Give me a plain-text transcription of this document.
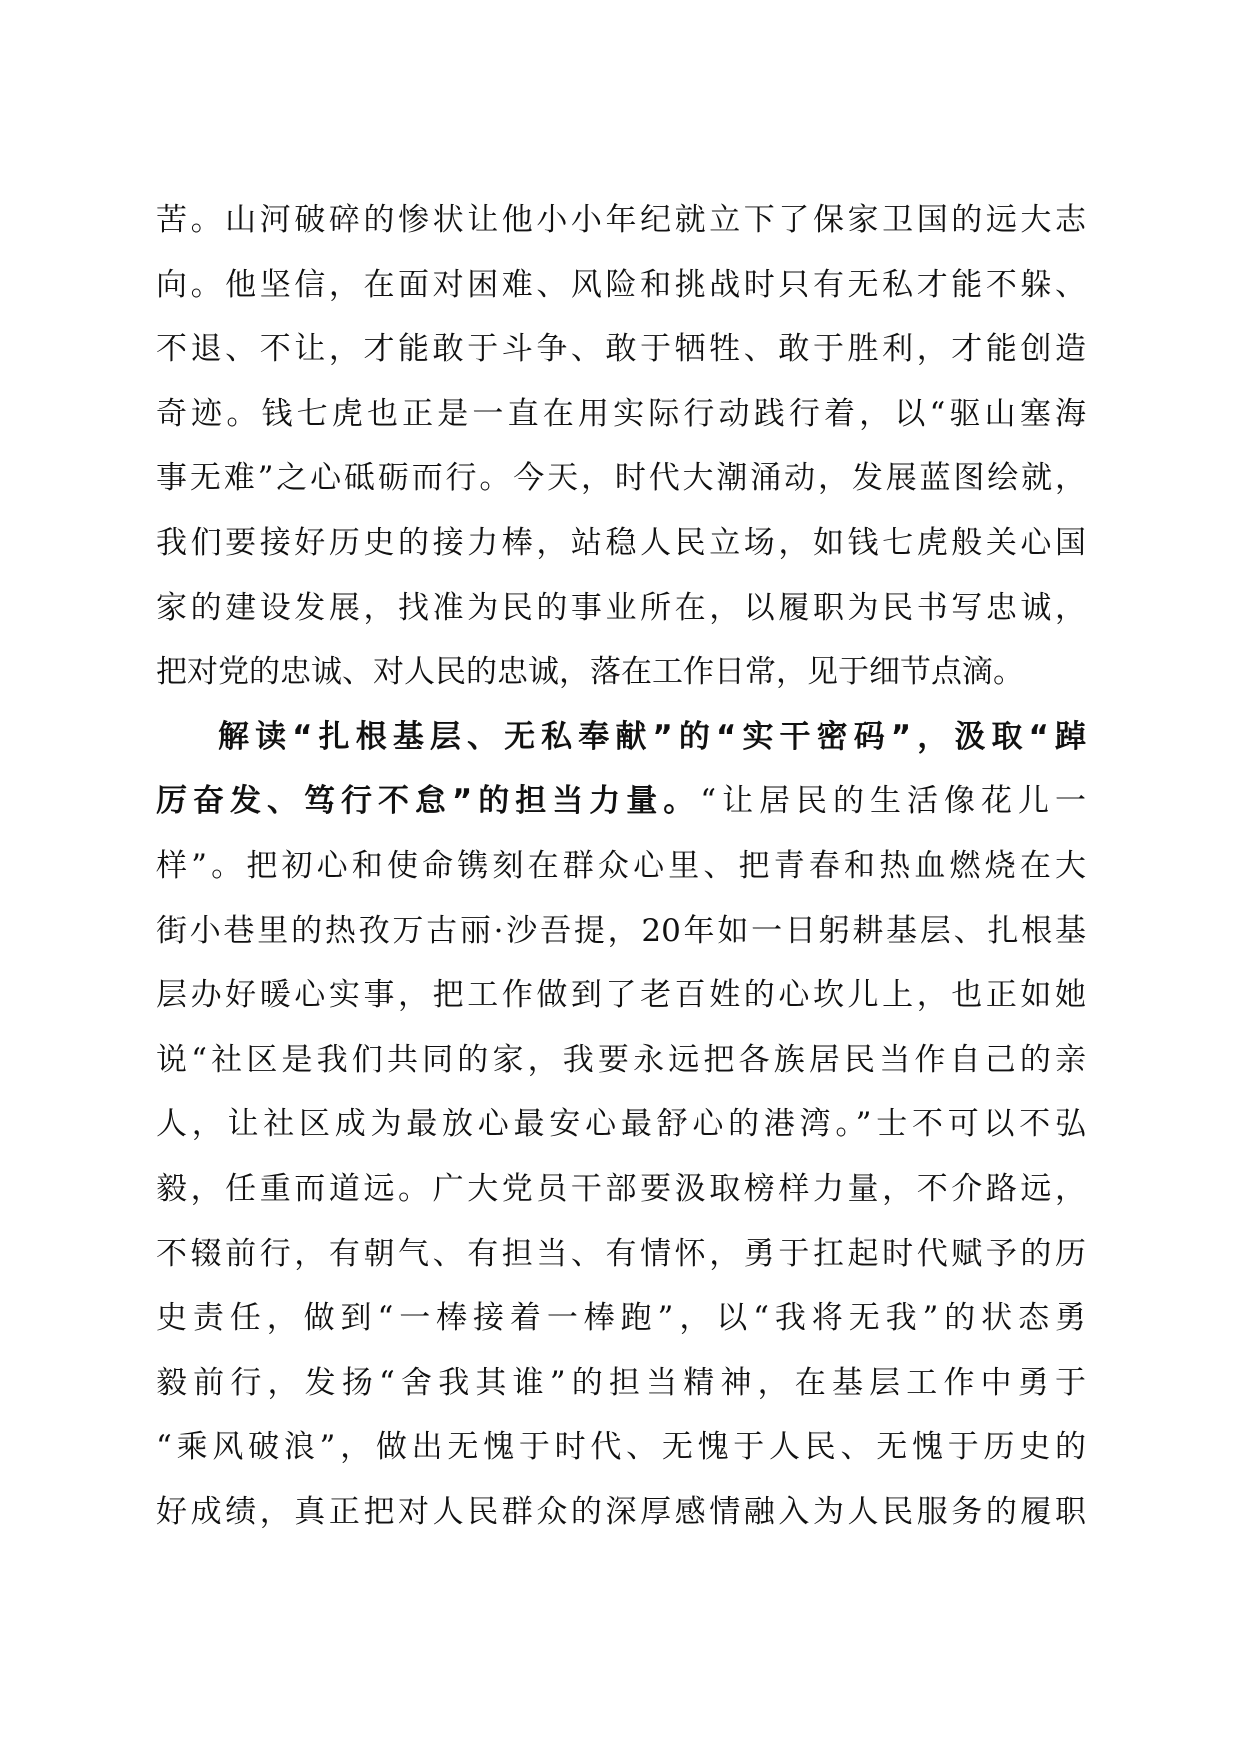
苦。山河破碎的惨状让他小小年纪就立下了保家卫国的远大志
向。他坚信，在面对困难、风险和挑战时只有无私才能不躲、
不退、不让，才能敢于斗争、敢于牺牲、敢于胜利，才能创造
奇迹。钱七虎也正是一直在用实际行动践行着，以“驱山塞海
事无难”之心砥砺而行。今天，时代大潮涌动，发展蓝图绘就，
我们要接好历史的接力棒，站稳人民立场，如钱七虎般关心国
家的建设发展，找准为民的事业所在，以履职为民书写忠诚，
把对党的忠诚、对人民的忠诚，落在工作日常，见于细节点滴。
解读“扎根基层、无私奉献”的“实干密码”，汲取“踔
厉奋发、笃行不怠”的担当力量。“让居民的生活像花儿一
样”。把初心和使命镌刻在群众心里、把青春和热血燃烧在大
街小巷里的热孜万古丽·沙吾提，20年如一日躬耕基层、扎根基
层办好暖心实事，把工作做到了老百姓的心坎儿上，也正如她
说“社区是我们共同的家，我要永远把各族居民当作自己的亲
人，让社区成为最放心最安心最舒心的港湾。”士不可以不弘
毅，任重而道远。广大党员干部要汲取榜样力量，不介路远，
不辍前行，有朝气、有担当、有情怀，勇于扛起时代赋予的历
史责任，做到“一棒接着一棒跑”，以“我将无我”的状态勇
毅前行，发扬“舍我其谁”的担当精神，在基层工作中勇于
“乘风破浪”，做出无愧于时代、无愧于人民、无愧于历史的
好成绩，真正把对人民群众的深厚感情融入为人民服务的履职
